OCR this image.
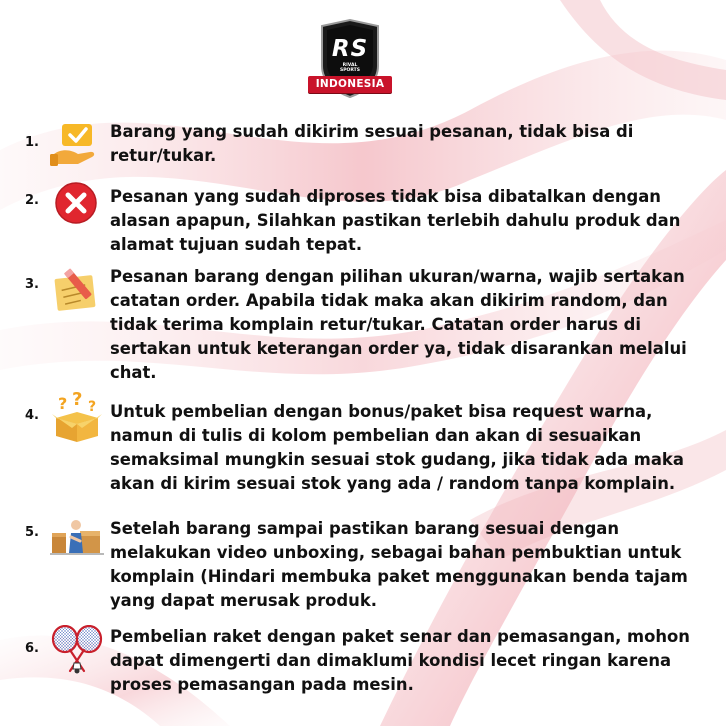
RS
RIVAL
SPORTS
INDONESIA
1.
Barang yang sudah dikirim sesuai pesanan, tidak bisa di
retur/tukar.
2.	Pesanan yang sudah diproses tidak bisa dibatalkan dengan
alasan apapun, Silahkan pastikan terlebih dahulu produk dan
alamat tujuan sudah tepat.
3.	Pesanan barang dengan pilihan ukuran/warna, wajib sertakan
catatan order. Apabila tidak maka akan dikirim random, dan
tidak terima komplain retur/tukar. Catatan order harus di
sertakan untuk keterangan order ya, tidak disarankan melalui
chat.
4.
? ? ? Untuk pembelian dengan bonus/paket bisa request warna,
namun di tulis di kolom pembelian dan akan di sesuaikan
semaksimal mungkin sesuai stok gudang, jika tidak ada maka
akan di kirim sesuai stok yang ada / random tanpa komplain.
5.	Setelah barang sampai pastikan barang sesuai dengan
melakukan video unboxing, sebagai bahan pembuktian untuk
komplain (Hindari membuka paket menggunakan benda tajam
yang dapat merusak produk.
6.
Pembelian raket dengan paket senar dan pemasangan, mohon
dapat dimengerti dan dimaklumi kondisi lecet ringan karena
proses pemasangan pada mesin.
